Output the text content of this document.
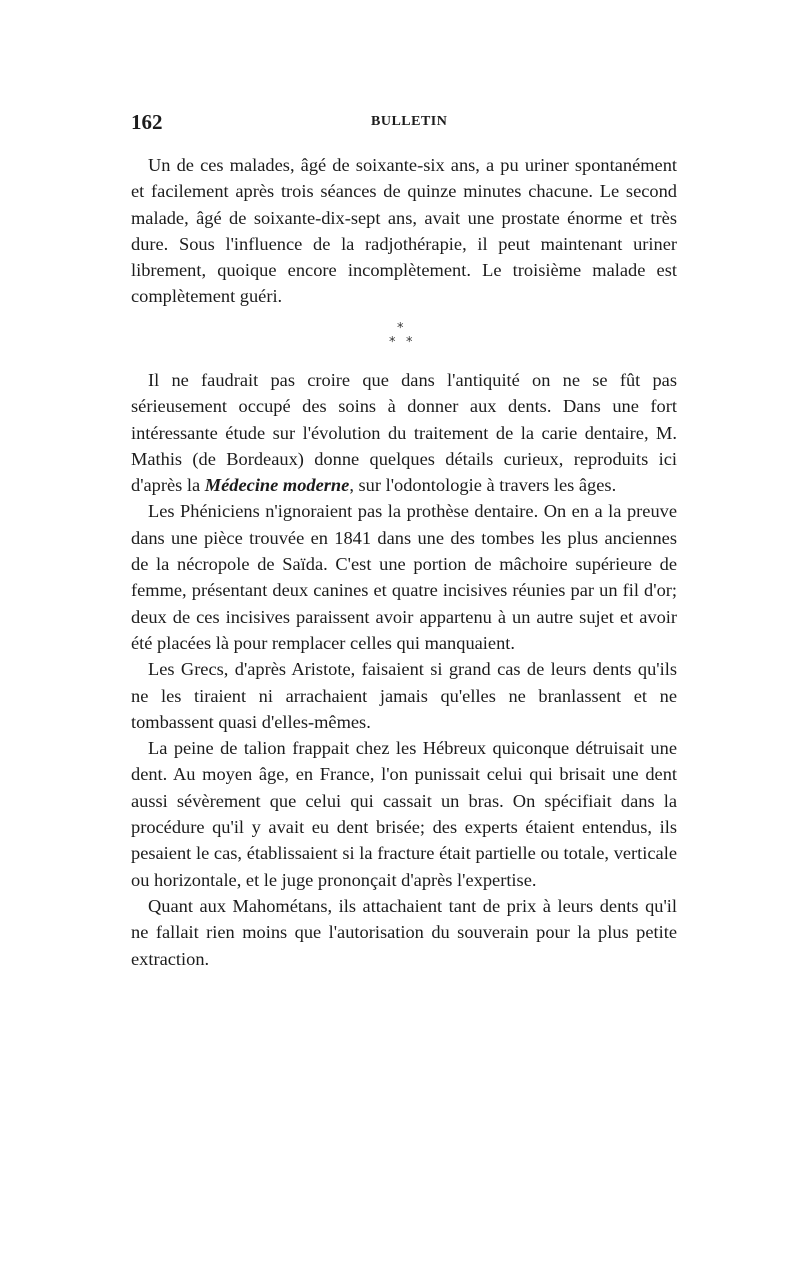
162	BULLETIN

Un de ces malades, âgé de soixante-six ans, a pu uriner spontanément et facilement après trois séances de quinze minutes chacune. Le second malade, âgé de soixante-dix-sept ans, avait une prostate énorme et très dure. Sous l'influence de la radjothérapie, il peut maintenant uriner librement, quoique encore incomplètement. Le troisième malade est complètement guéri.

*
* *

Il ne faudrait pas croire que dans l'antiquité on ne se fût pas sérieusement occupé des soins à donner aux dents. Dans une fort intéressante étude sur l'évolution du traitement de la carie dentaire, M. Mathis (de Bordeaux) donne quelques détails curieux, reproduits ici d'après la Médecine moderne, sur l'odontologie à travers les âges.

Les Phéniciens n'ignoraient pas la prothèse dentaire. On en a la preuve dans une pièce trouvée en 1841 dans une des tombes les plus anciennes de la nécropole de Saïda. C'est une portion de mâchoire supérieure de femme, présentant deux canines et quatre incisives réunies par un fil d'or; deux de ces incisives paraissent avoir appartenu à un autre sujet et avoir été placées là pour remplacer celles qui manquaient.

Les Grecs, d'après Aristote, faisaient si grand cas de leurs dents qu'ils ne les tiraient ni arrachaient jamais qu'elles ne branlassent et ne tombassent quasi d'elles-mêmes.

La peine de talion frappait chez les Hébreux quiconque détruisait une dent. Au moyen âge, en France, l'on punissait celui qui brisait une dent aussi sévèrement que celui qui cassait un bras. On spécifiait dans la procédure qu'il y avait eu dent brisée; des experts étaient entendus, ils pesaient le cas, établissaient si la fracture était partielle ou totale, verticale ou horizontale, et le juge prononçait d'après l'expertise.

Quant aux Mahométans, ils attachaient tant de prix à leurs dents qu'il ne fallait rien moins que l'autorisation du souverain pour la plus petite extraction.
